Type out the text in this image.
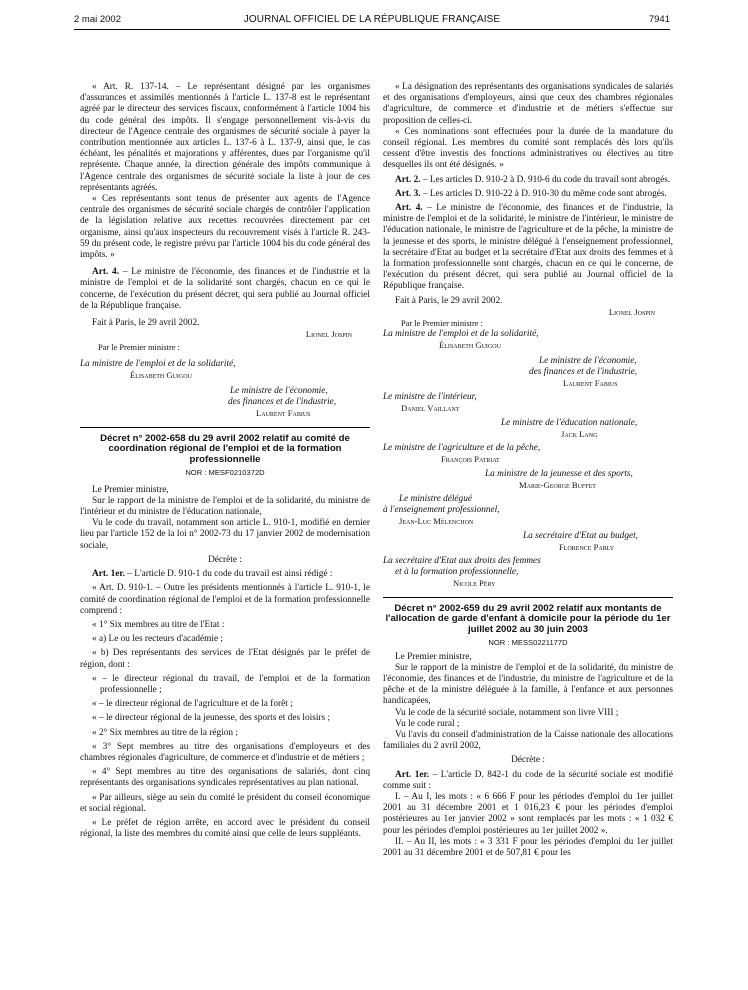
2 mai 2002	JOURNAL OFFICIEL DE LA RÉPUBLIQUE FRANÇAISE	7941

« Art. R. 137-14. – Le représentant désigné par les organismes d'assurances et assimilés mentionnés à l'article L. 137-8 est le représentant agréé par le directeur des services fiscaux, conformément à l'article 1004 bis du code général des impôts. Il s'engage personnellement vis-à-vis du directeur de l'Agence centrale des organismes de sécurité sociale à payer la contribution mentionnée aux articles L. 137-6 à L. 137-9, ainsi que, le cas échéant, les pénalités et majorations y afférentes, dues par l'organisme qu'il représente. Chaque année, la direction générale des impôts communique à l'Agence centrale des organismes de sécurité sociale la liste à jour de ces représentants agréés.

« Ces représentants sont tenus de présenter aux agents de l'Agence centrale des organismes de sécurité sociale chargés de contrôler l'application de la législation relative aux recettes recouvrées directement par cet organisme, ainsi qu'aux inspecteurs du recouvrement visés à l'article R. 243-59 du présent code, le registre prévu par l'article 1004 bis du code général des impôts. »

Art. 4. – Le ministre de l'économie, des finances et de l'industrie et la ministre de l'emploi et de la solidarité sont chargés, chacun en ce qui le concerne, de l'exécution du présent décret, qui sera publié au Journal officiel de la République française.

Fait à Paris, le 29 avril 2002.

Lionel Jospin

Par le Premier ministre :

La ministre de l'emploi et de la solidarité,

Élisabeth Guigou

Le ministre de l'économie,

des finances et de l'industrie,

Laurent Fabius

Décret n° 2002-658 du 29 avril 2002 relatif au comité de coordination régional de l'emploi et de la formation professionnelle

NOR : MESF0210372D

Le Premier ministre,

Sur le rapport de la ministre de l'emploi et de la solidarité, du ministre de l'intérieur et du ministre de l'éducation nationale,

Vu le code du travail, notamment son article L. 910-1, modifié en dernier lieu par l'article 152 de la loi n° 2002-73 du 17 janvier 2002 de modernisation sociale,

Décrète :

Art. 1er. – L'article D. 910-1 du code du travail est ainsi rédigé :

« Art. D. 910-1. – Outre les présidents mentionnés à l'article L. 910-1, le comité de coordination régional de l'emploi et de la formation professionnelle comprend :

« 1° Six membres au titre de l'Etat :

« a) Le ou les recteurs d'académie ;

« b) Des représentants des services de l'Etat désignés par le préfet de région, dont :

« – le directeur régional du travail, de l'emploi et de la formation professionnelle ;

« – le directeur régional de l'agriculture et de la forêt ;

« – le directeur régional de la jeunesse, des sports et des loisirs ;

« 2° Six membres au titre de la région ;

« 3° Sept membres au titre des organisations d'employeurs et des chambres régionales d'agriculture, de commerce et d'industrie et de métiers ;

« 4° Sept membres au titre des organisations de salariés, dont cinq représentants des organisations syndicales représentatives au plan national.

« Par ailleurs, siège au sein du comité le président du conseil économique et social régional.

« Le préfet de région arrête, en accord avec le président du conseil régional, la liste des membres du comité ainsi que celle de leurs suppléants.

« La désignation des représentants des organisations syndicales de salariés et des organisations d'employeurs, ainsi que ceux des chambres régionales d'agriculture, de commerce et d'industrie et de métiers s'effectue sur proposition de celles-ci.

« Ces nominations sont effectuées pour la durée de la mandature du conseil régional. Les membres du comité sont remplacés dès lors qu'ils cessent d'être investis des fonctions administratives ou électives au titre desquelles ils ont été désignés. »

Art. 2. – Les articles D. 910-2 à D. 910-6 du code du travail sont abrogés.

Art. 3. – Les articles D. 910-22 à D. 910-30 du même code sont abrogés.

Art. 4. – Le ministre de l'économie, des finances et de l'industrie, la ministre de l'emploi et de la solidarité, le ministre de l'intérieur, le ministre de l'éducation nationale, le ministre de l'agriculture et de la pêche, la ministre de la jeunesse et des sports, le ministre délégué à l'enseignement professionnel, la secrétaire d'Etat au budget et la secrétaire d'Etat aux droits des femmes et à la formation professionnelle sont chargés, chacun en ce qui le concerne, de l'exécution du présent décret, qui sera publié au Journal officiel de la République française.

Fait à Paris, le 29 avril 2002.

Lionel Jospin

Par le Premier ministre :

La ministre de l'emploi et de la solidarité,

Élisabeth Guigou

Le ministre de l'économie,

des finances et de l'industrie,

Laurent Fabius

Le ministre de l'intérieur,

Daniel Vaillant

Le ministre de l'éducation nationale,

Jack Lang

Le ministre de l'agriculture et de la pêche,

François Patriat

La ministre de la jeunesse et des sports,

Marie-George Buffet

Le ministre délégué

à l'enseignement professionnel,

Jean-Luc Mélenchon

La secrétaire d'Etat au budget,

Florence Parly

La secrétaire d'Etat aux droits des femmes

et à la formation professionnelle,

Nicole Péry

Décret n° 2002-659 du 29 avril 2002 relatif aux montants de l'allocation de garde d'enfant à domicile pour la période du 1er juillet 2002 au 30 juin 2003

NOR : MESS0221177D

Le Premier ministre,

Sur le rapport de la ministre de l'emploi et de la solidarité, du ministre de l'économie, des finances et de l'industrie, du ministre de l'agriculture et de la pêche et de la ministre déléguée à la famille, à l'enfance et aux personnes handicapées,

Vu le code de la sécurité sociale, notamment son livre VIII ;

Vu le code rural ;

Vu l'avis du conseil d'administration de la Caisse nationale des allocations familiales du 2 avril 2002,

Décrète :

Art. 1er. – L'article D. 842-1 du code de la sécurité sociale est modifié comme suit :

I. – Au I, les mots : « 6 666 F pour les périodes d'emploi du 1er juillet 2001 au 31 décembre 2001 et 1 016,23 € pour les périodes d'emploi postérieures au 1er janvier 2002 » sont remplacés par les mots : « 1 032 € pour les périodes d'emploi postérieures au 1er juillet 2002 ».

II. – Au II, les mots : « 3 331 F pour les périodes d'emploi du 1er juillet 2001 au 31 décembre 2001 et de 507,81 € pour les
